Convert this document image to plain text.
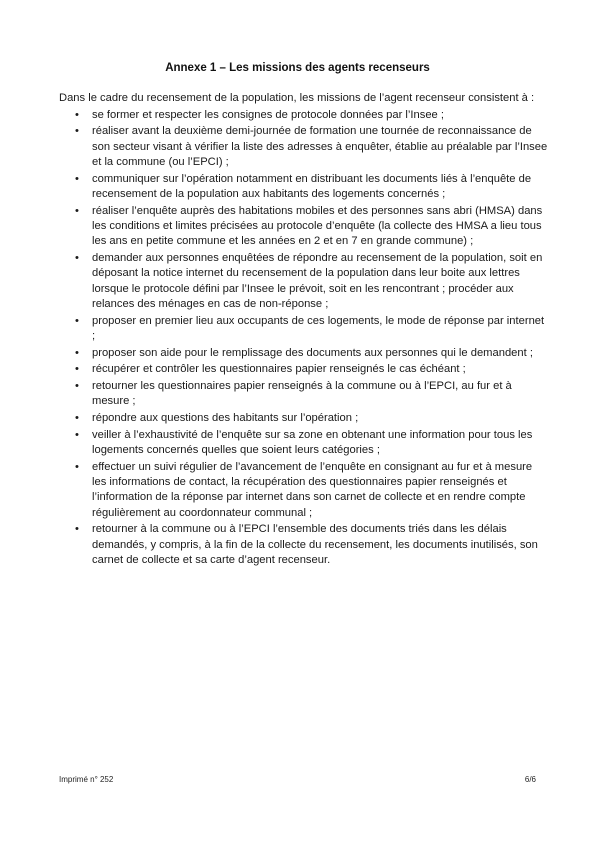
Annexe 1 – Les missions des agents recenseurs

Dans le cadre du recensement de la population, les missions de l’agent recenseur consistent à :

• se former et respecter les consignes de protocole données par l’Insee ;
• réaliser avant la deuxième demi-journée de formation une tournée de reconnaissance de son secteur visant à vérifier la liste des adresses à enquêter, établie au préalable par l’Insee et la commune (ou l’EPCI) ;
• communiquer sur l’opération notamment en distribuant les documents liés à l’enquête de recensement de la population aux habitants des logements concernés ;
• réaliser l’enquête auprès des habitations mobiles et des personnes sans abri (HMSA) dans les conditions et limites précisées au protocole d’enquête (la collecte des HMSA a lieu tous les ans en petite commune et les années en 2 et en 7 en grande commune) ;
• demander aux personnes enquêtées de répondre au recensement de la population, soit en déposant la notice internet du recensement de la population dans leur boite aux lettres lorsque le protocole défini par l’Insee le prévoit, soit en les rencontrant ; procéder aux relances des ménages en cas de non-réponse ;
• proposer en premier lieu aux occupants de ces logements, le mode de réponse par internet ;
• proposer son aide pour le remplissage des documents aux personnes qui le demandent ;
• récupérer et contrôler les questionnaires papier renseignés le cas échéant ;
• retourner les questionnaires papier renseignés à la commune ou à l’EPCI, au fur et à mesure ;
• répondre aux questions des habitants sur l’opération ;
• veiller à l’exhaustivité de l’enquête sur sa zone en obtenant une information pour tous les logements concernés quelles que soient leurs catégories ;
• effectuer un suivi régulier de l’avancement de l’enquête en consignant au fur et à mesure les informations de contact, la récupération des questionnaires papier renseignés et l’information de la réponse par internet dans son carnet de collecte et en rendre compte régulièrement au coordonnateur communal ;
• retourner à la commune ou à l’EPCI l’ensemble des documents triés dans les délais demandés, y compris, à la fin de la collecte du recensement, les documents inutilisés, son carnet de collecte et sa carte d’agent recenseur.
Imprimé n° 252	6/6
